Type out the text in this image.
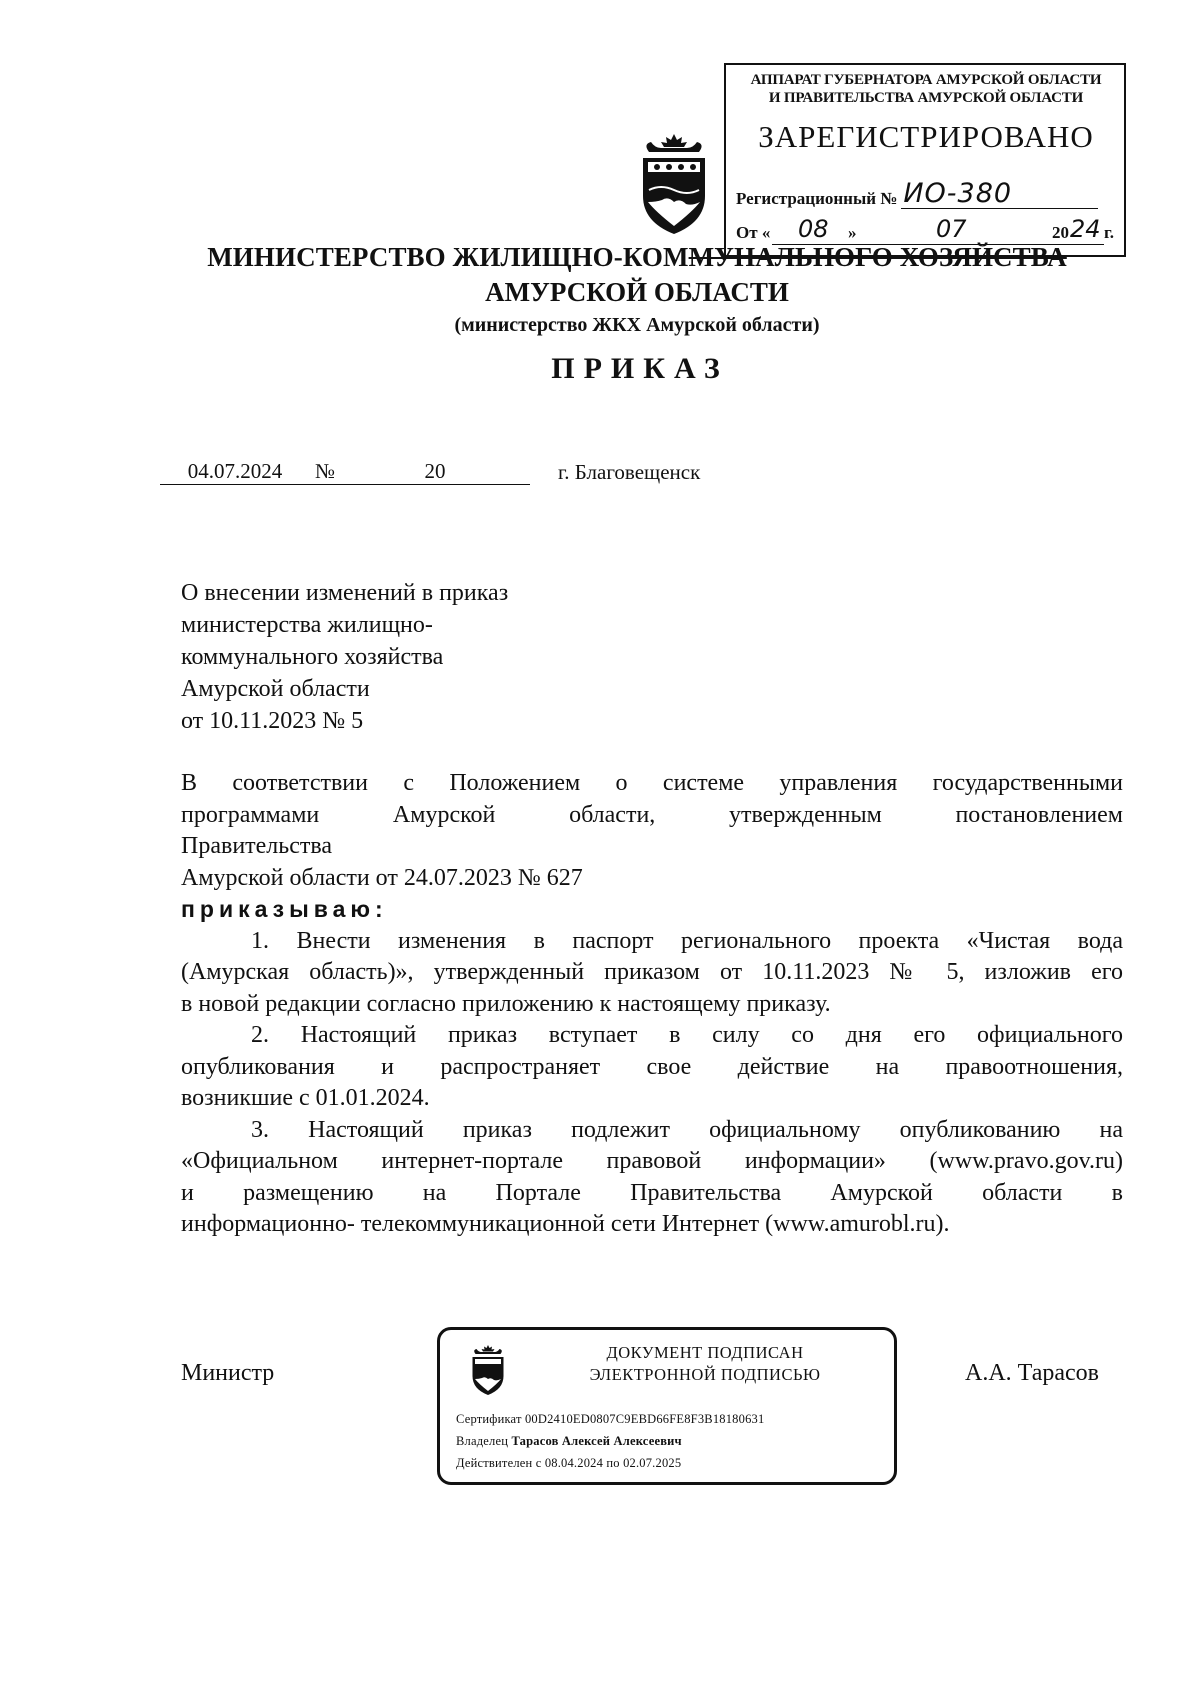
АППАРАТ ГУБЕРНАТОРА АМУРСКОЙ ОБЛАСТИ
И ПРАВИТЕЛЬСТВА АМУРСКОЙ ОБЛАСТИ
ЗАРЕГИСТРИРОВАНО
Регистрационный № ИО-380
От « 08 »	07	20 24 г.
МИНИСТЕРСТВО ЖИЛИЩНО-КОММУНАЛЬНОГО ХОЗЯЙСТВА
АМУРСКОЙ ОБЛАСТИ
(министерство ЖКХ Амурской области)
ПРИКАЗ
04.07.2024	№	20	г. Благовещенск
О внесении изменений в приказ
министерства жилищно-
коммунального хозяйства
Амурской области
от 10.11.2023 № 5
В соответствии с Положением о системе управления государственными
программами Амурской области, утвержденным постановлением
Правительства
Амурской области от 24.07.2023 № 627
приказываю:
1. Внести изменения в паспорт регионального проекта «Чистая вода
(Амурская область)», утвержденный приказом от 10.11.2023 № 5, изложив его
в новой редакции согласно приложению к настоящему приказу.
2. Настоящий приказ вступает в силу со дня его официального
опубликования и распространяет свое действие на правоотношения,
возникшие с 01.01.2024.
3. Настоящий приказ подлежит официальному опубликованию на
«Официальном интернет-портале правовой информации» (www.pravo.gov.ru)
и размещению на Портале Правительства Амурской области в
информационно- телекоммуникационной сети Интернет (www.amurobl.ru).
Министр	А.А. Тарасов
ДОКУМЕНТ ПОДПИСАН
ЭЛЕКТРОННОЙ ПОДПИСЬЮ
Сертификат 00D2410ED0807C9EBD66FE8F3B18180631
Владелец Тарасов Алексей Алексеевич
Действителен с 08.04.2024 по 02.07.2025
